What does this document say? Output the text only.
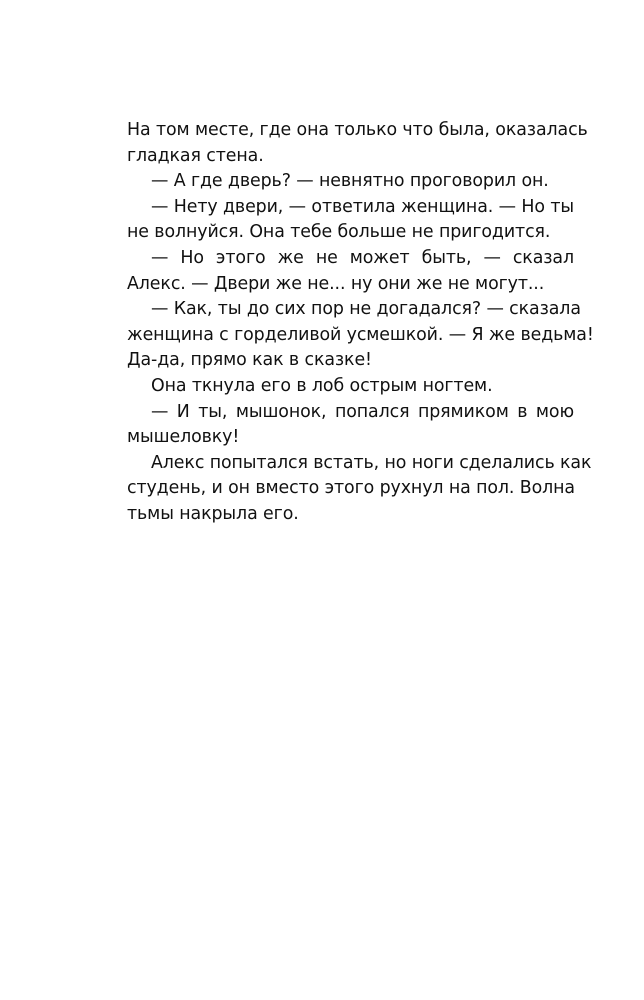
На том месте, где она только что была, оказалась
гладкая стена.
— А где дверь? — невнятно проговорил он.
— Нету двери, — ответила женщина. — Но ты
не волнуйся. Она тебе больше не пригодится.
— Но этого же не может быть, — сказал
Алекс. — Двери же не... ну они же не могут...
— Как, ты до сих пор не догадался? — сказала
женщина с горделивой усмешкой. — Я же ведьма!
Да-да, прямо как в сказке!
Она ткнула его в лоб острым ногтем.
— И ты, мышонок, попался прямиком в мою
мышеловку!
Алекс попытался встать, но ноги сделались как
студень, и он вместо этого рухнул на пол. Волна
тьмы накрыла его.
